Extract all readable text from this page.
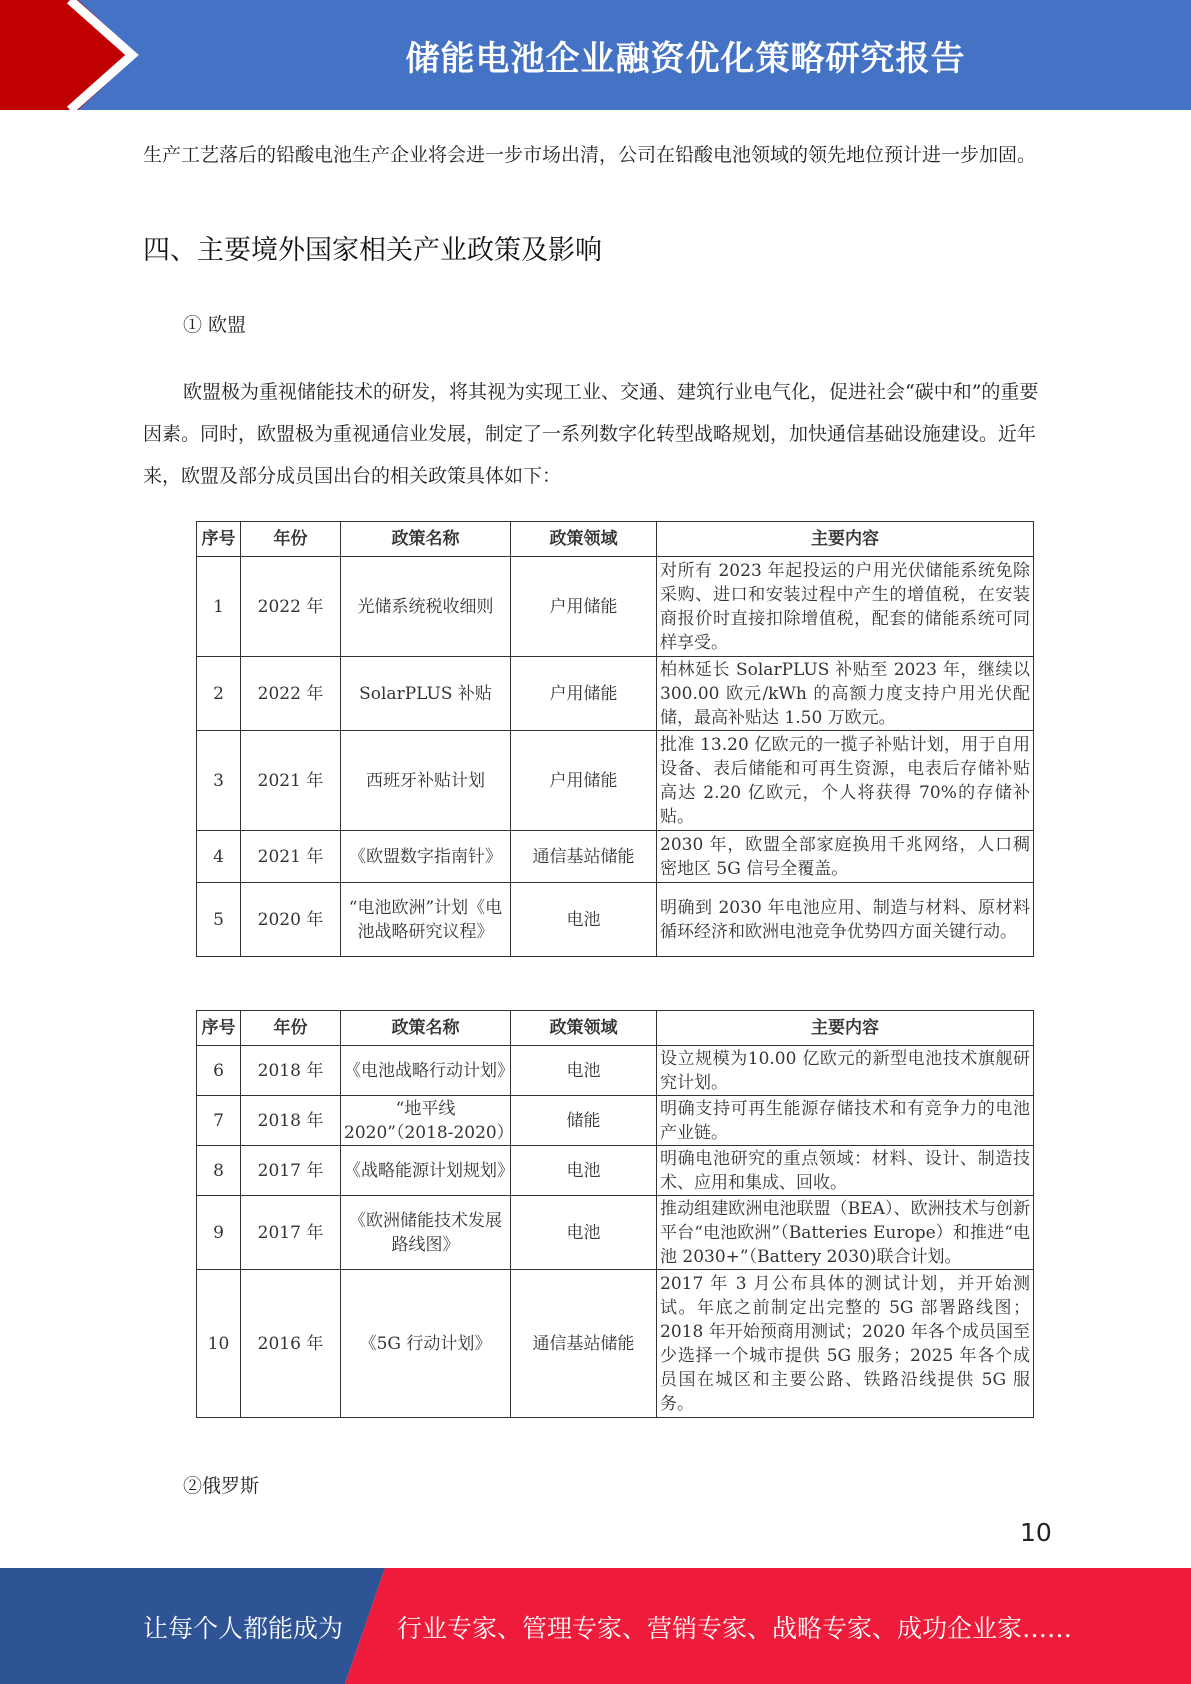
储能电池企业融资优化策略研究报告

生产工艺落后的铅酸电池生产企业将会进一步市场出清，公司在铅酸电池领域的领先地位预计进一步加固。

四、主要境外国家相关产业政策及影响

① 欧盟

欧盟极为重视储能技术的研发，将其视为实现工业、交通、建筑行业电气化，促进社会“碳中和”的重要因素。同时，欧盟极为重视通信业发展，制定了一系列数字化转型战略规划，加快通信基础设施建设。近年来，欧盟及部分成员国出台的相关政策具体如下：

序号	年份	政策名称	政策领域	主要内容
1	2022 年	光储系统税收细则	户用储能	对所有 2023 年起投运的户用光伏储能系统免除采购、进口和安装过程中产生的增值税，在安装商报价时直接扣除增值税，配套的储能系统可同样享受。
2	2022 年	SolarPLUS 补贴	户用储能	柏林延长 SolarPLUS 补贴至 2023 年，继续以 300.00 欧元/kWh 的高额力度支持户用光伏配储，最高补贴达 1.50 万欧元。
3	2021 年	西班牙补贴计划	户用储能	批准 13.20 亿欧元的一揽子补贴计划，用于自用设备、表后储能和可再生资源，电表后存储补贴高达 2.20 亿欧元，个人将获得 70%的存储补贴。
4	2021 年	《欧盟数字指南针》	通信基站储能	2030 年，欧盟全部家庭换用千兆网络，人口稠密地区 5G 信号全覆盖。
5	2020 年	“电池欧洲”计划《电池战略研究议程》	电池	明确到 2030 年电池应用、制造与材料、原材料循环经济和欧洲电池竞争优势四方面关键行动。
序号	年份	政策名称	政策领域	主要内容
6	2018 年	《电池战略行动计划》	电池	设立规模为10.00 亿欧元的新型电池技术旗舰研究计划。
7	2018 年	“地平线 2020”（2018-2020）	储能	明确支持可再生能源存储技术和有竞争力的电池产业链。
8	2017 年	《战略能源计划规划》	电池	明确电池研究的重点领域：材料、设计、制造技术、应用和集成、回收。
9	2017 年	《欧洲储能技术发展路线图》	电池	推动组建欧洲电池联盟（BEA）、欧洲技术与创新平台“电池欧洲”（Batteries Europe）和推进“电池 2030+”（Battery 2030)联合计划。
10	2016 年	《5G 行动计划》	通信基站储能	2017 年 3 月公布具体的测试计划，并开始测试。年底之前制定出完整的 5G 部署路线图；2018 年开始预商用测试；2020 年各个成员国至少选择一个城市提供 5G 服务；2025 年各个成员国在城区和主要公路、铁路沿线提供 5G 服务。

②俄罗斯

10
让每个人都能成为 行业专家、管理专家、营销专家、战略专家、成功企业家……
